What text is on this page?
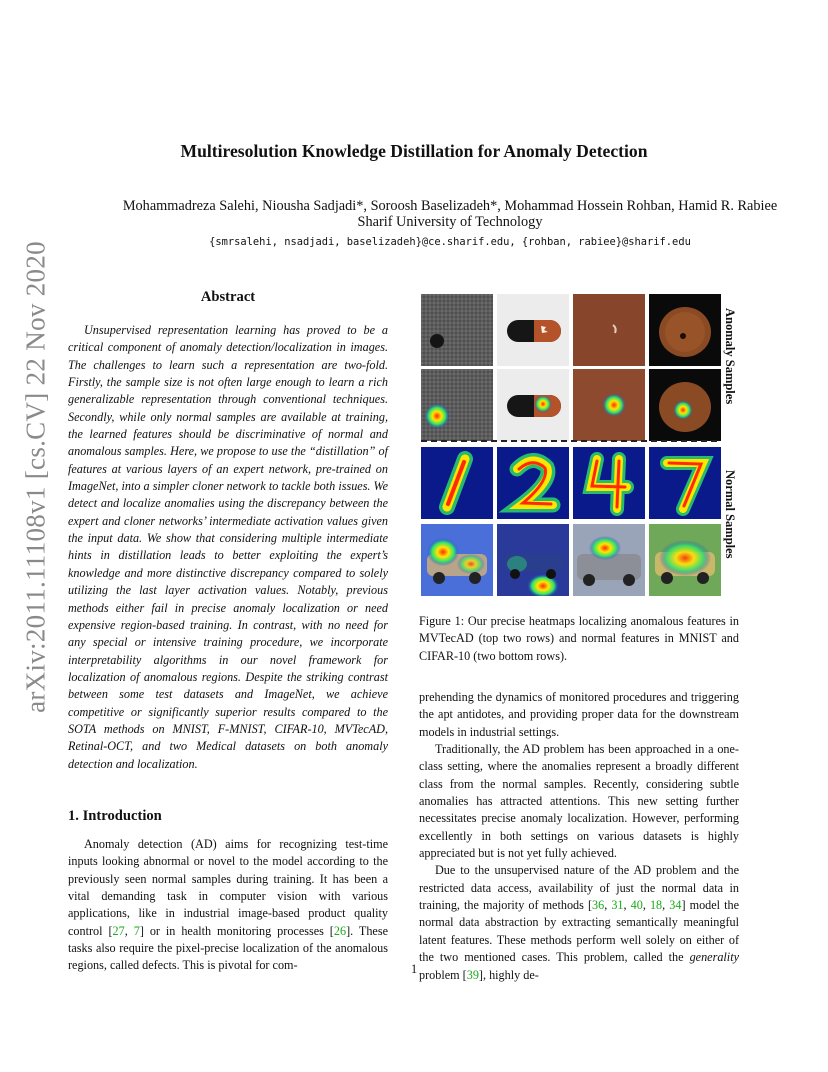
Multiresolution Knowledge Distillation for Anomaly Detection
Mohammadreza Salehi, Niousha Sadjadi*, Soroosh Baselizadeh*, Mohammad Hossein Rohban, Hamid R. Rabiee
Sharif University of Technology
{smrsalehi, nsadjadi, baselizadeh}@ce.sharif.edu, {rohban, rabiee}@sharif.edu
arXiv:2011.11108v1 [cs.CV] 22 Nov 2020	Abstract

Unsupervised representation learning has proved to be a critical component of anomaly detection/localization in images. The challenges to learn such a representation are two-fold. Firstly, the sample size is not often large enough to learn a rich generalizable representation through conventional techniques. Secondly, while only normal samples are available at training, the learned features should be discriminative of normal and anomalous samples. Here, we propose to use the “distillation” of features at various layers of an expert network, pre-trained on ImageNet, into a simpler cloner network to tackle both issues. We detect and localize anomalies using the discrepancy between the expert and cloner networks’ intermediate activation values given the input data. We show that considering multiple intermediate hints in distillation leads to better exploiting the expert’s knowledge and more distinctive discrepancy compared to solely utilizing the last layer activation values. Notably, previous methods either fail in precise anomaly localization or need expensive region-based training. In contrast, with no need for any special or intensive training procedure, we incorporate interpretability algorithms in our novel framework for localization of anomalous regions. Despite the striking contrast between some test datasets and ImageNet, we achieve competitive or significantly superior results compared to the SOTA methods on MNIST, F-MNIST, CIFAR-10, MVTecAD, Retinal-OCT, and two Medical datasets on both anomaly detection and localization.

1. Introduction

Anomaly detection (AD) aims for recognizing test-time inputs looking abnormal or novel to the model according to the previously seen normal samples during training. It has been a vital demanding task in computer vision with various applications, like in industrial image-based product quality control [27, 7] or in health monitoring processes [26]. These tasks also require the pixel-precise localization of the anomalous regions, called defects. This is pivotal for com-

Anomaly Samples
Normal Samples
Figure 1: Our precise heatmaps localizing anomalous features in MVTecAD (top two rows) and normal features in MNIST and CIFAR-10 (two bottom rows).

prehending the dynamics of monitored procedures and triggering the apt antidotes, and providing proper data for the downstream models in industrial settings.

Traditionally, the AD problem has been approached in a one-class setting, where the anomalies represent a broadly different class from the normal samples. Recently, considering subtle anomalies has attracted attentions. This new setting further necessitates precise anomaly localization. However, performing excellently in both settings on various datasets is highly appreciated but is not yet fully achieved.

Due to the unsupervised nature of the AD problem and the restricted data access, availability of just the normal data in training, the majority of methods [36, 31, 40, 18, 34] model the normal data abstraction by extracting semantically meaningful latent features. These methods perform well solely on either of the two mentioned cases. This problem, called the generality problem [39], highly de-

1
